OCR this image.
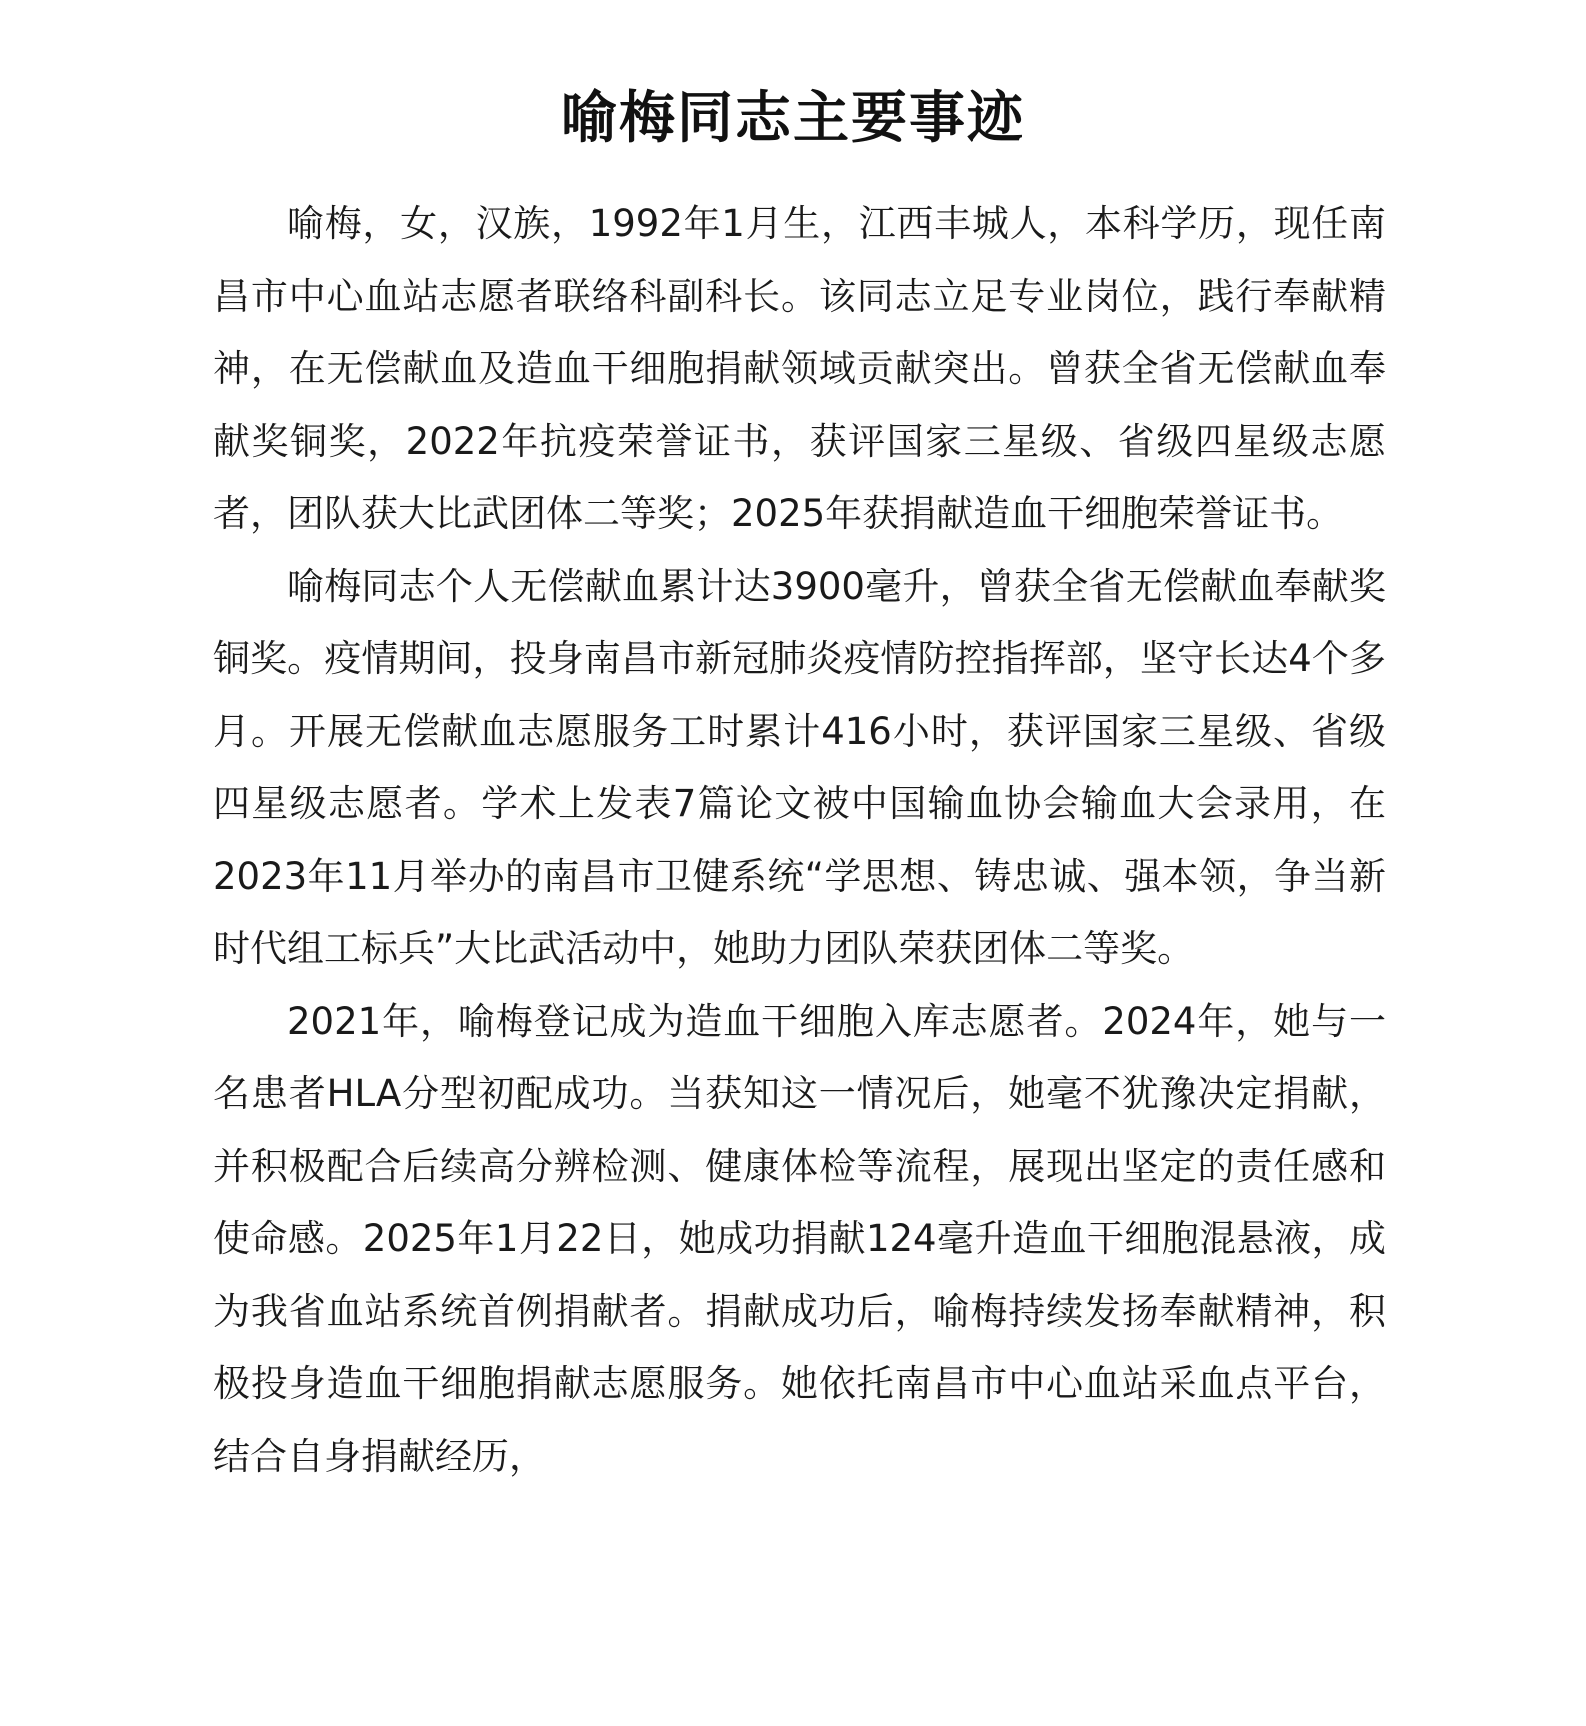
喻梅同志主要事迹

喻梅，女，汉族，1992年1月生，江西丰城人，本科学历，现任南昌市中心血站志愿者联络科副科长。该同志立足专业岗位，践行奉献精神，在无偿献血及造血干细胞捐献领域贡献突出。曾获全省无偿献血奉献奖铜奖，2022年抗疫荣誉证书，获评国家三星级、省级四星级志愿者，团队获大比武团体二等奖；2025年获捐献造血干细胞荣誉证书。

喻梅同志个人无偿献血累计达3900毫升，曾获全省无偿献血奉献奖铜奖。疫情期间，投身南昌市新冠肺炎疫情防控指挥部，坚守长达4个多月。开展无偿献血志愿服务工时累计416小时，获评国家三星级、省级四星级志愿者。学术上发表7篇论文被中国输血协会输血大会录用，在2023年11月举办的南昌市卫健系统“学思想、铸忠诚、强本领，争当新时代组工标兵”大比武活动中，她助力团队荣获团体二等奖。

2021年，喻梅登记成为造血干细胞入库志愿者。2024年，她与一名患者HLA分型初配成功。当获知这一情况后，她毫不犹豫决定捐献，并积极配合后续高分辨检测、健康体检等流程，展现出坚定的责任感和使命感。2025年1月22日，她成功捐献124毫升造血干细胞混悬液，成为我省血站系统首例捐献者。捐献成功后，喻梅持续发扬奉献精神，积极投身造血干细胞捐献志愿服务。她依托南昌市中心血站采血点平台，结合自身捐献经历，
